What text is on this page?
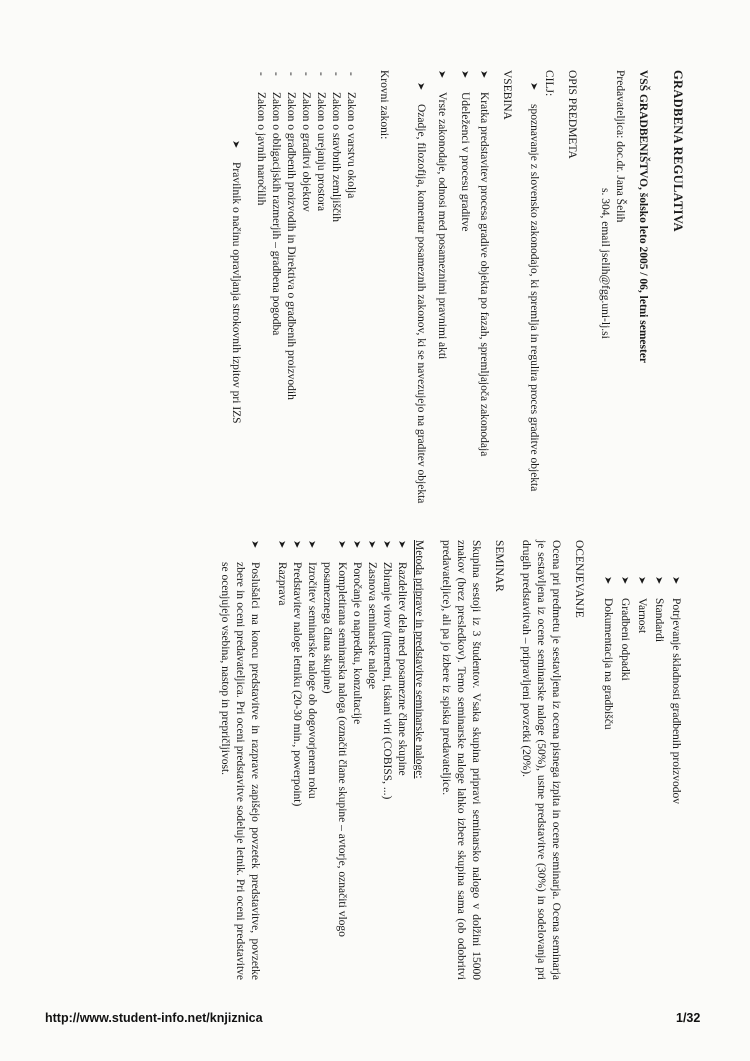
GRADBENA REGULATIVA

VSŠ GRADBENIŠTVO, šolsko leto 2005 / 06, letni semester

Predavateljica: doc.dr. Jana Šelih

s. 304, email jselih@fgg.uni-lj.si

OPIS PREDMETA

CILJ:

➤
spoznavanje z slovensko zakonodajo, ki spremlja in regulira proces graditve objekta

VSEBINA

➤
Kratka predstavitev procesa gradive objekta po fazah, spremljajoča zakonodaja
➤
Udeleženci v procesu graditve
➤
Vrste zakonodaje, odnosi med posameznimi pravnimi akti
➤
Ozadje, filozofija, komentar posameznih zakonov, ki se navezujejo na graditev objekta

Krovni zakoni:

-
Zakon o varstvu okolja
-
Zakon o stavbnih zemljiščih
-
Zakon o urejanju prostora
-
Zakon o graditvi objektov
-
Zakon o gradbenih proizvodih in Direktiva o gradbenih proizvodih
-
Zakon o obligacijskih razmerjih – gradbena pogodba
-
Zakon o javnih naročilih
➤
Pravilnik o načinu opravljanja strokovnih izpitov pri IZS
➤
Potrjevanje skladnosti gradbenih proizvodov
➤
Standardi
➤
Varnost
➤
Gradbeni odpadki
➤
Dokumentacija na gradbišču

OCENJEVANJE

Ocena pri predmetu je sestavljena iz ocena pisnega izpita in ocene seminarja. Ocena seminarja je sestavljena iz ocene seminarske naloge (50%), ustne predstavitve (30%) in sodelovanja pri drugih predstavitvah – pripravljeni povzetki (20%).

SEMINAR

Skupina sestoji iz 3 študentov. Vsaka skupina pripravi seminarsko nalogo v dolžini 15000 znakov (brez presledkov). Temo seminarske naloge lahko izbere skupina sama (ob odobritvi predavateljice), ali pa jo izbere iz spiska predavateljice.

Metoda priprave in predstavitve seminarske naloge:

➤
Razdelitev dela med posamezne člane skupine
➤
Zbiranje virov (internetni, tiskani viri (COBISS, ...)
➤
Zasnova seminarske naloge
➤
Poročanje o napredku, konzultacije
➤
Kompletirana seminarska naloga (označiti člane skupine – avtorje, označiti vlogo posameznega člana skupine)
➤
Izročitev seminarske naloge ob dogovorjenem roku
➤
Predstavitev naloge letniku (20-30 min., powerpoint)
➤
Razprava
➤
Poslušalci na koncu predstavitve in razprave zapišejo povzetek predstavitve, povzetke zbere in oceni predavateljica. Pri oceni predstavitve sodeluje letnik. Pri oceni predstavitve se ocenjujejo vsebina, nastop in prepričljivost.
http://www.student-info.net/knjiznica	1/32
